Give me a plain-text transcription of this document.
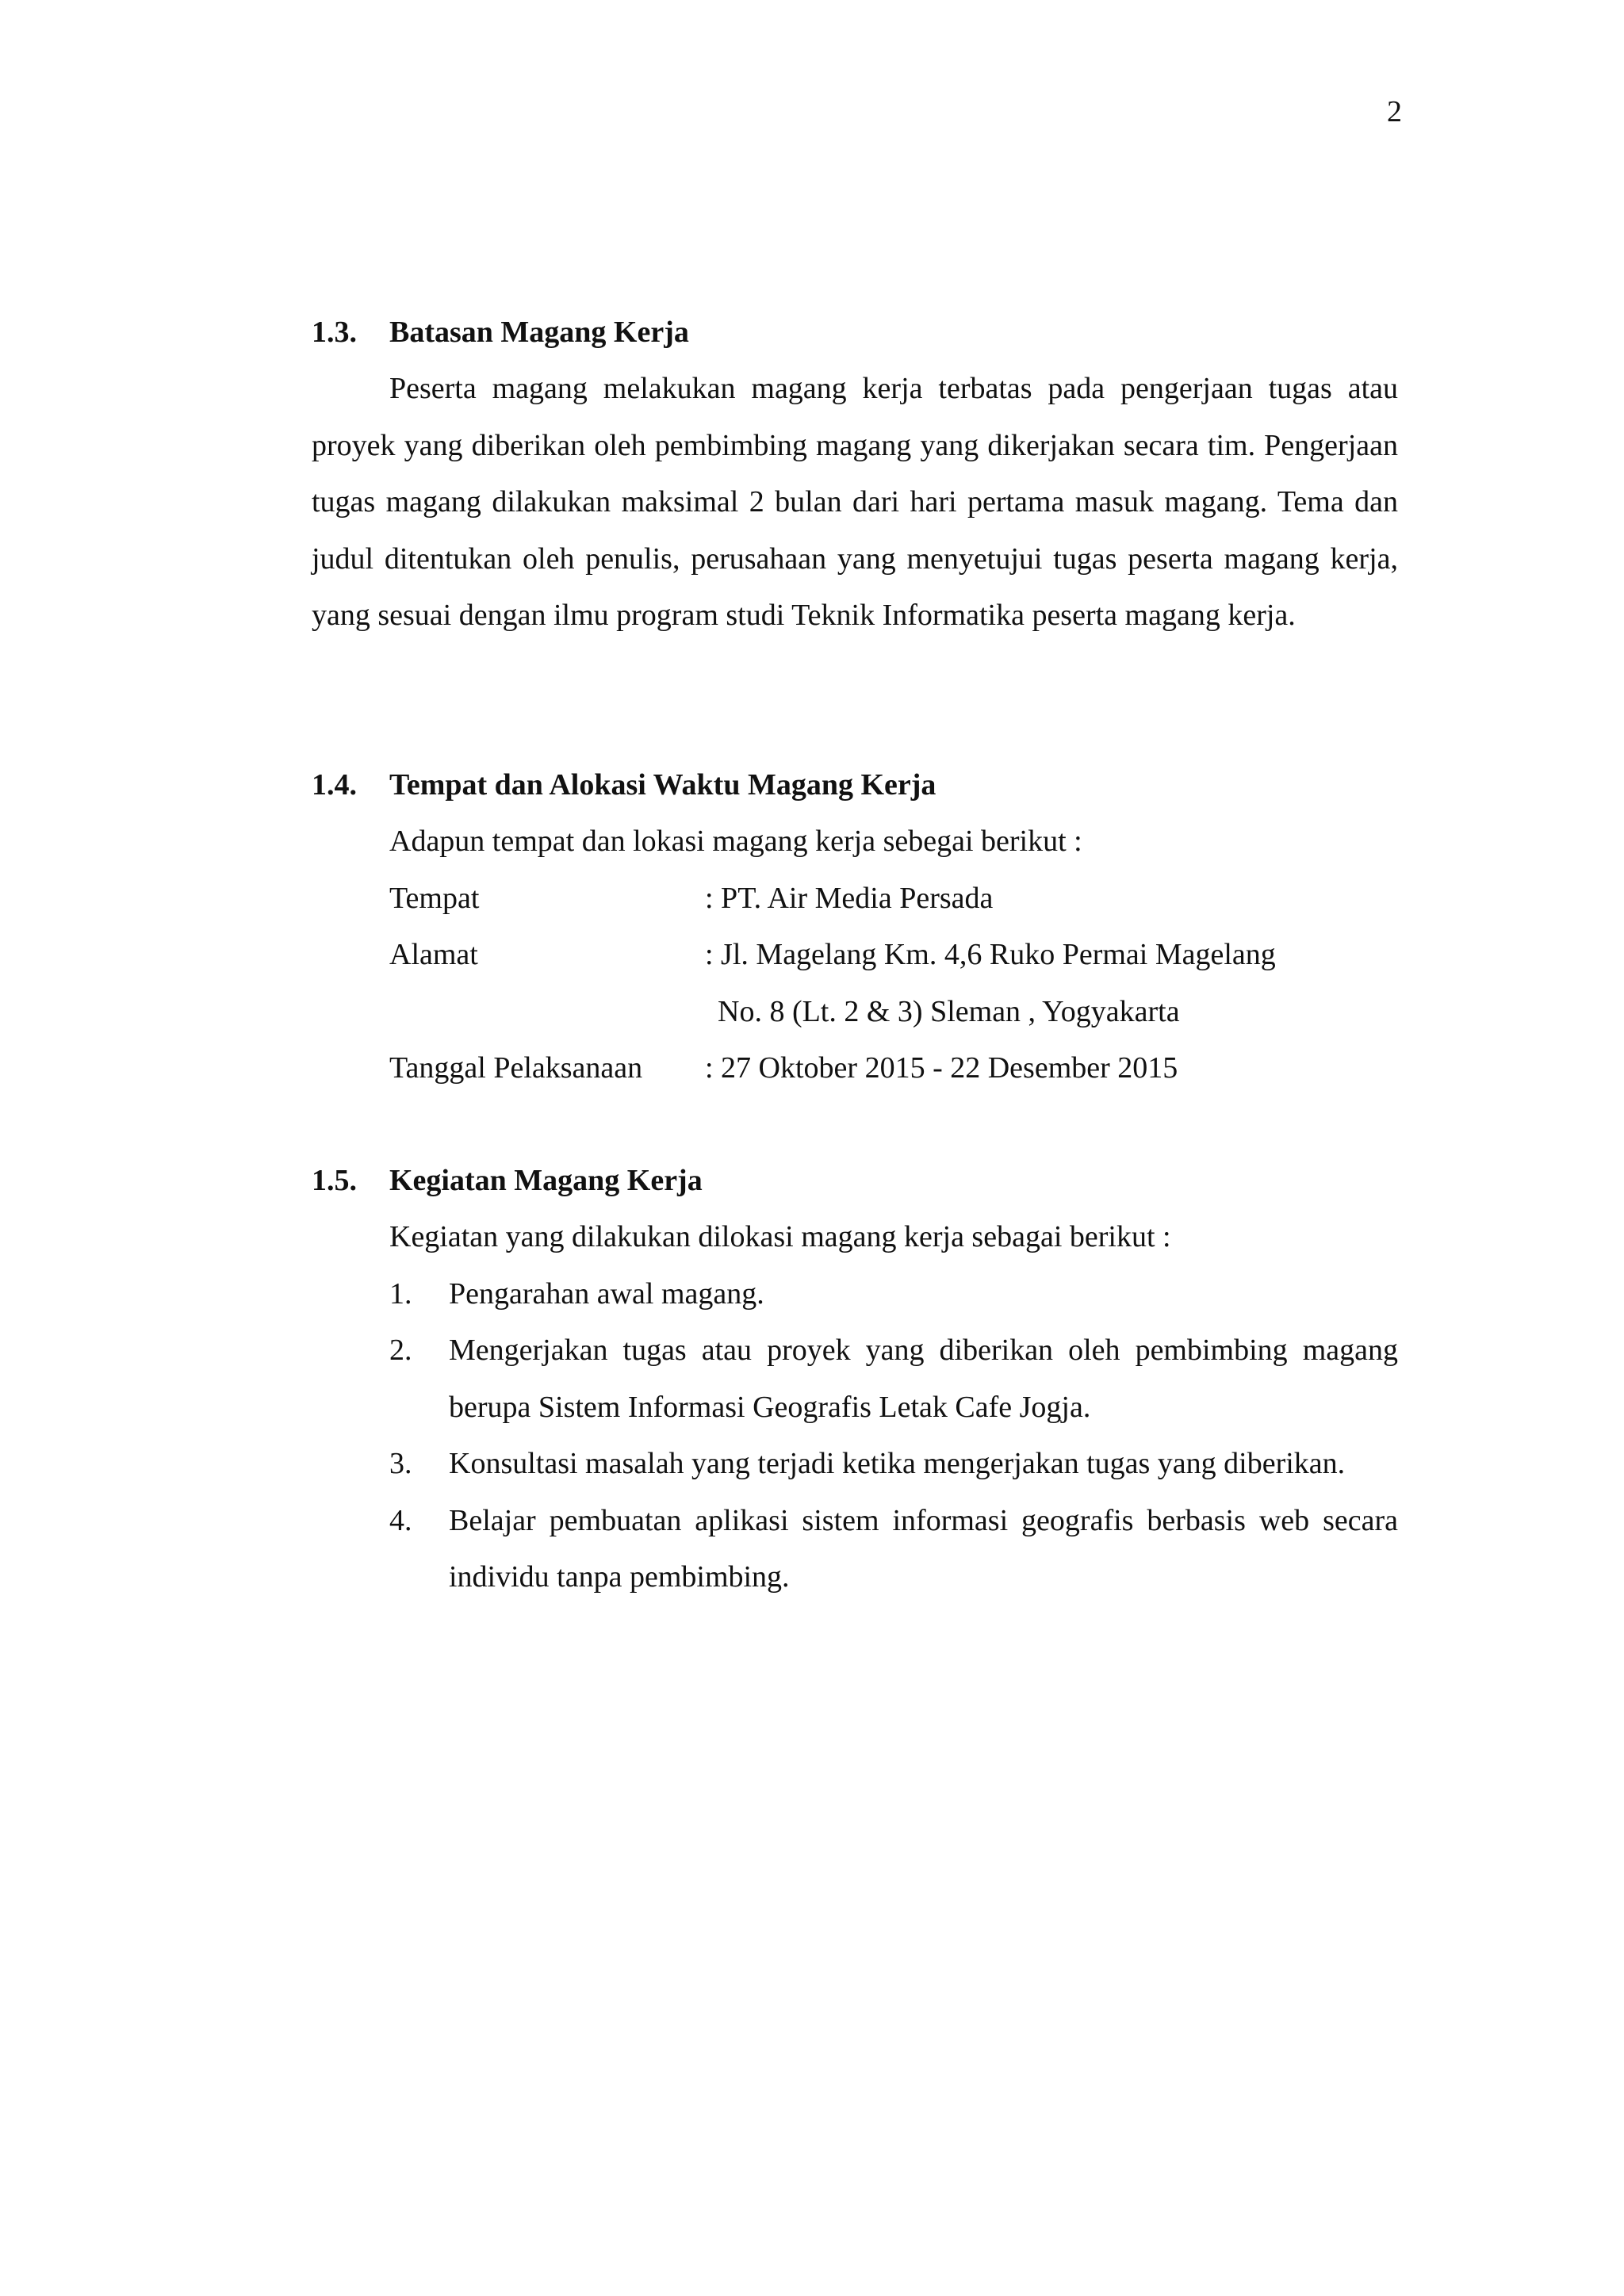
2
1.3.	Batasan Magang Kerja

Peserta magang melakukan magang kerja terbatas pada pengerjaan tugas atau proyek yang diberikan oleh pembimbing magang yang dikerjakan secara tim. Pengerjaan tugas magang dilakukan maksimal 2 bulan dari hari pertama masuk magang. Tema dan judul ditentukan oleh penulis, perusahaan yang menyetujui tugas peserta magang kerja, yang sesuai dengan ilmu program studi Teknik Informatika peserta magang kerja.

1.4.	Tempat dan Alokasi Waktu Magang Kerja

Adapun tempat dan lokasi magang kerja sebegai berikut :

Tempat	: PT. Air Media Persada
Alamat	: Jl. Magelang Km. 4,6 Ruko Permai Magelang
No. 8 (Lt. 2 & 3) Sleman , Yogyakarta
Tanggal Pelaksanaan	: 27 Oktober 2015 - 22 Desember 2015
1.5.	Kegiatan Magang Kerja

Kegiatan yang dilakukan dilokasi magang kerja sebagai berikut :

1.	Pengarahan awal magang.
2.	Mengerjakan tugas atau proyek yang diberikan oleh pembimbing magang berupa Sistem Informasi Geografis Letak Cafe Jogja.
3.	Konsultasi masalah yang terjadi ketika mengerjakan tugas yang diberikan.
4.	Belajar pembuatan aplikasi sistem informasi geografis berbasis web secara individu tanpa pembimbing.
